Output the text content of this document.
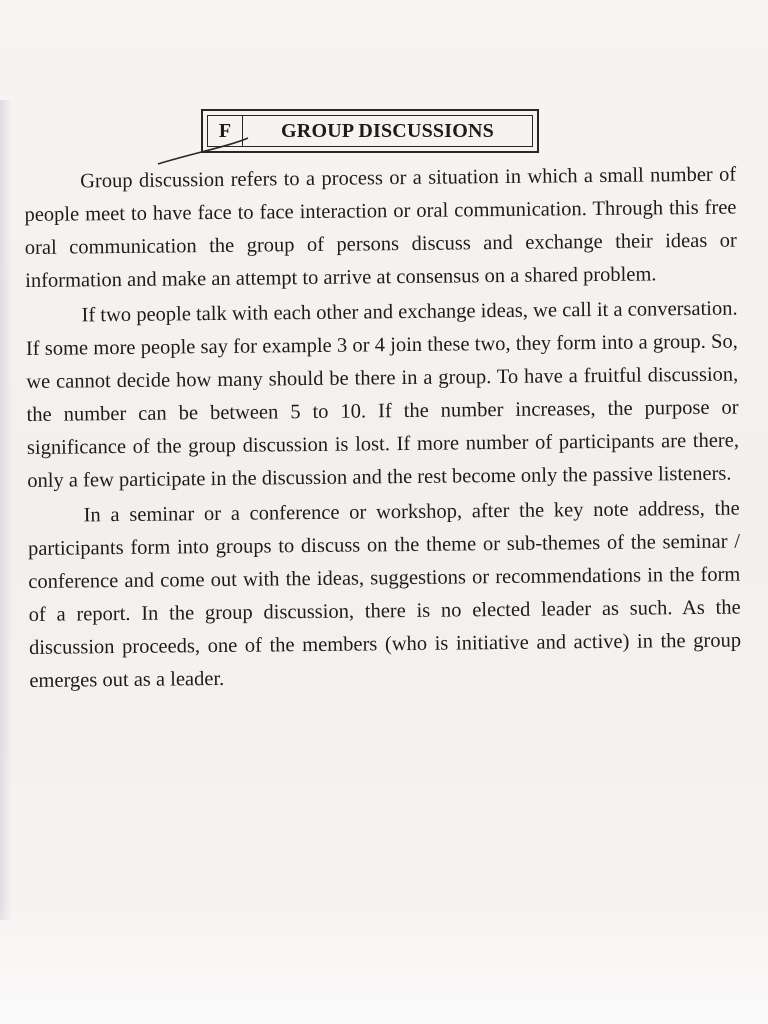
F	GROUP DISCUSSIONS

Group discussion refers to a process or a situation in which a small number of people meet to have face to face interaction or oral communication. Through this free oral communication the group of persons discuss and exchange their ideas or information and make an attempt to arrive at consensus on a shared problem.

If two people talk with each other and exchange ideas, we call it a conversation. If some more people say for example 3 or 4 join these two, they form into a group. So, we cannot decide how many should be there in a group. To have a fruitful discussion, the number can be between 5 to 10. If the number increases, the purpose or significance of the group discussion is lost. If more number of participants are there, only a few participate in the discussion and the rest become only the passive listeners.

In a seminar or a conference or workshop, after the key note address, the participants form into groups to discuss on the theme or sub-themes of the seminar / conference and come out with the ideas, suggestions or recommendations in the form of a report. In the group discussion, there is no elected leader as such. As the discussion proceeds, one of the members (who is initiative and active) in the group emerges out as a leader.
